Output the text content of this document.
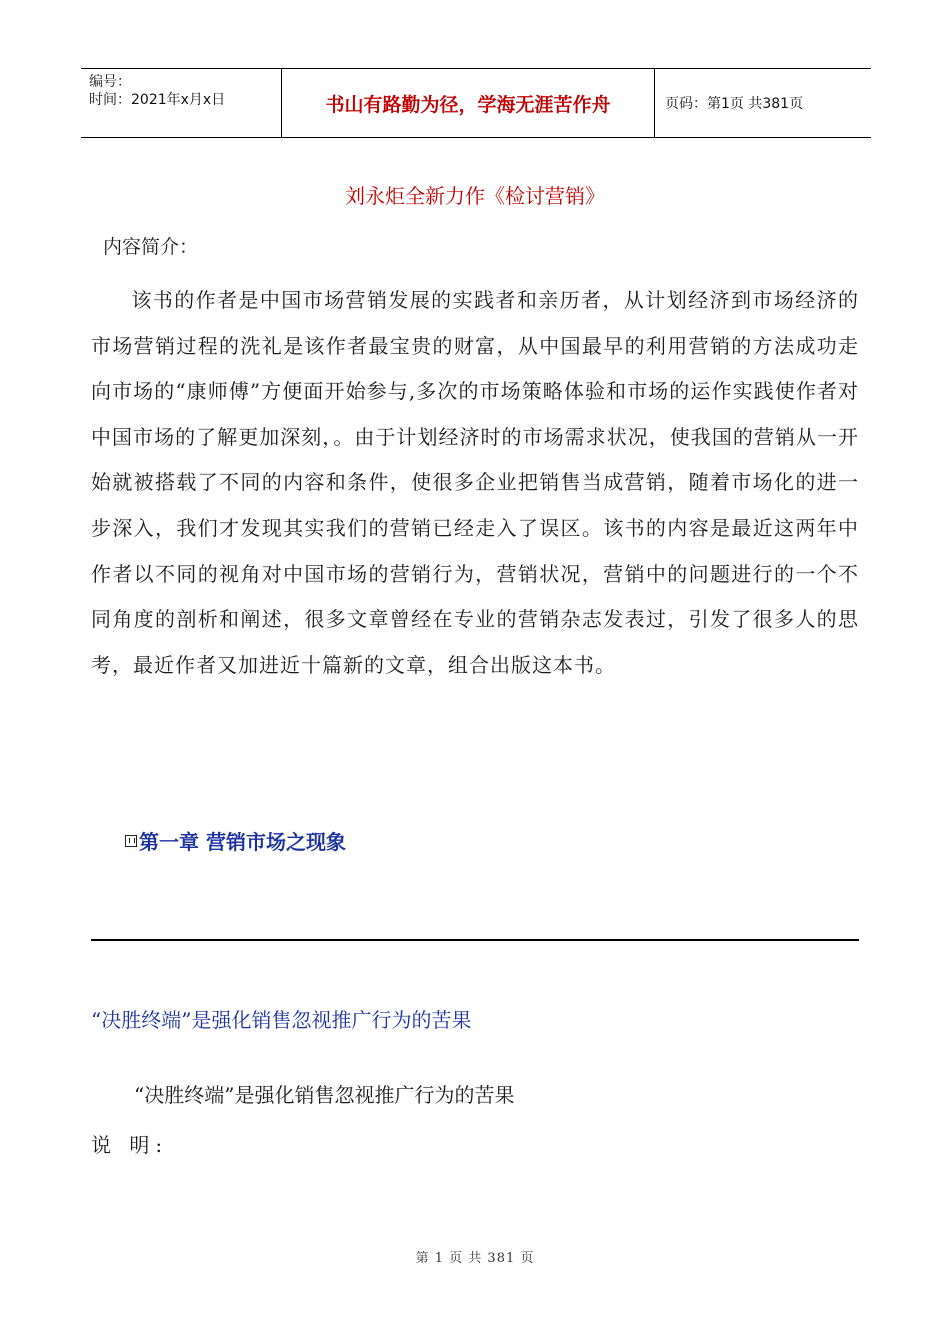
编号：
时间：2021年x月x日	书山有路勤为径，学海无涯苦作舟	页码：第1页 共381页
刘永炬全新力作《检讨营销》
内容简介：

该书的作者是中国市场营销发展的实践者和亲历者，从计划经济到市场经济的市场营销过程的洗礼是该作者最宝贵的财富，从中国最早的利用营销的方法成功走向市场的“康师傅”方便面开始参与,多次的市场策略体验和市场的运作实践使作者对中国市场的了解更加深刻，。由于计划经济时的市场需求状况，使我国的营销从一开始就被搭载了不同的内容和条件，使很多企业把销售当成营销，随着市场化的进一步深入，我们才发现其实我们的营销已经走入了误区。该书的内容是最近这两年中作者以不同的视角对中国市场的营销行为，营销状况，营销中的问题进行的一个不同角度的剖析和阐述，很多文章曾经在专业的营销杂志发表过，引发了很多人的思考，最近作者又加进近十篇新的文章，组合出版这本书。

第一章 营销市场之现象
“决胜终端”是强化销售忽视推广行为的苦果
“决胜终端”是强化销售忽视推广行为的苦果
说 明:
第 1 页 共 381 页
